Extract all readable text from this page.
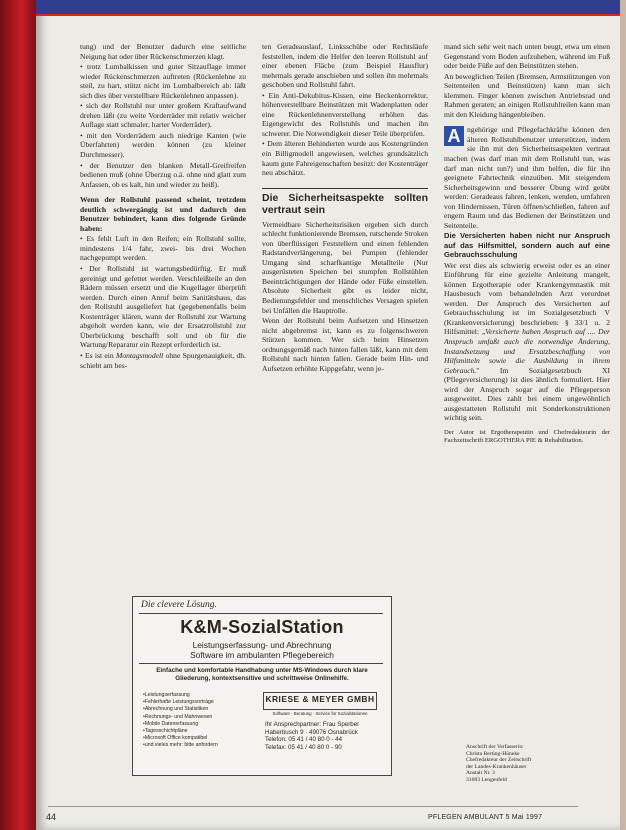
tung) und der Benutzer dadurch eine seitliche Neigung hat oder über Rückenschmerzen klagt.

• trotz Lumbalkissen und guter Sitzauflage immer wieder Rückenschmerzen auftreten (Rückenlehne zu steil, zu hart, stützt nicht im Lumbalbereich ab: läßt sich dies über verstellbare Rückenlehnen anpassen).

• sich der Rollstuhl nur unter großem Kraftaufwand drehen läßt (zu weite Vorderräder mit relativ weicher Auflage statt schmaler, harter Vorderräder).

• mit den Vorderrädern auch niedrige Kanten (wie Überfahrten) werden können (zu kleiner Durchmesser).

• der Benutzer den blanken Metall-Greifreifen bedienen muß (ohne Überzug o.ä. ohne und glatt zum Anfassen, ob es kalt, hin und wieder zu heiß).

Wenn der Rollstuhl passend scheint, trotzdem deutlich schwergängig ist und dadurch den Benutzer behindert, kann dies folgende Gründe haben:

• Es fehlt Luft in den Reifen; ein Rollstuhl sollte, mindestens 1/4 fahr, zwei- bis drei Wochen nachgepumpt werden.

• Der Rollstuhl ist wartungsbedürftig. Er muß gereinigt und gefettet werden. Verschleißteile an den Rädern müssen ersetzt und die Kugellager überprüft werden. Durch einen Anruf beim Sanitätshaus, das den Rollstuhl ausgeliefert hat (gegebenenfalls beim Kostenträger klären, wann der Rollstuhl zur Wartung abgeholt werden kann, wie der Ersatzrollstuhl zur Überbrückung beschafft soll und ob für die Wartung/Reparatur ein Rezept erforderlich ist.

• Es ist ein Montagsmodell ohne Spurgenauigkeit, dh. schiebt am bes-

ten Geradeauslauf, Linksschübe oder Rechtsläufe feststellen, indem die Helfer den leeren Rollstuhl auf einer ebenen Fläche (zum Beispiel Hausflur) mehrmals gerade anschieben und sollen ihn mehrmals geschoben und Rollstuhl fahrt.

• Ein Anti-Dekubitus-Kissen, eine Beckenkorrektur, höhenverstellbare Beinstützen mit Wadenplatten oder eine Rückenlehnenverstellung erhöhen das Eigengewicht des Rollstuhls und machen ihn schwerer. Die Notwendigkeit dieser Teile überprüfen.

• Dem älteren Behinderten wurde aus Kostengründen ein Billigmodell angewiesen, welches grundsätzlich kaum gute Fahreigenschaften besitzt: der Kostenträger neu abschätzt.

Die Sicherheitsaspekte sollten vertraut sein

Vermeidbare Sicherheitsrisiken ergeben sich durch schlecht funktionierende Bremsen, rutschende Stroken von überflüssigen Feststellern und einen fehlenden Radstandverlängerung, bei Pumpen (fehlender Umgang sind scharfkantige Metallteile (Nur ausgerüsteten Speichen bei stumpfen Rollstühlen Beeinträchtigungen der Hände oder Füße einstellen. Absolute Sicherheit gibt es leider nicht, Bedienungsfehler und menschliches Versagen spielen bei Unfällen die Hauptrolle.

Wenn der Rollstuhl beim Aufsetzen und Hinsetzen nicht abgebremst ist, kann es zu folgenschweren Stürzen kommen. Wer sich beim Hinsetzen ordnungsgemäß nach hinten fallen läßt, kann mit dem Rollstuhl nach hinten fallen. Gerade beim Hin- und Aufsetzen erhöhte Kippgefahr, wenn je-

mand sich sehr weit nach unten beugt, etwa um einen Gegenstand vom Boden aufzuheben, während im Fuß oder beide Füße auf den Beinstützen stehen.

An beweglichen Teilen (Bremsen, Armstützungen von Seitenteilen und Beinstützen) kann man sich klemmen. Finger können zwischen Antriebsrad und Rahmen geraten; an einigen Rollstuhlteilen kann man mit den Kleidung hängenbleiben.

A ngehörige und Pflegefachkräfte können den älteren Rollstuhlbenutzer unterstützen, indem sie ihn mit den Sicherheitsaspekten vertraut machen (was darf man mit dem Rollstuhl tun, was darf man nicht tun?) und ihm helfen, die für ihn geeignete Fahrtechnik einzuüben. Mit steigendem Sicherheitsgewinn und besserer Übung wird geübt werden: Geradeaus fahren, lenken, wenden, umfahren von Hindernissen, Türen öffnen/schließen, fahren auf engem Raum und das Bedienen der Beinstützen und Seitenteile.

Die Versicherten haben nicht nur Anspruch auf das Hilfsmittel, sondern auch auf eine Gebrauchsschulung

Wer erst dies als schwierig erweist oder es an einer Einführung für eine gezielte Anleitung mangelt, können Ergotherapie oder Krankengymnastik mit Hausbesuch vom behandelnden Arzt verordnet werden. Der Anspruch des Versicherten auf Gebrauchsschulung ist im Sozialgesetzbuch V (Krankenversicherung) beschrieben: § 33/1 u. 2 Hilfsmittel: „Versicherte haben Anspruch auf .... Der Anspruch umfaßt auch die notwendige Änderung, Instandsetzung und Ersatzbeschaffung von Hilfsmitteln sowie die Ausbildung in ihrem Gebrauch." Im Sozialgesetzbuch XI (Pflegeversicherung) ist dies ähnlich formuliert. Hier wird der Anspruch sogar auf die Pflegeperson ausgeweitet. Dies zahlt bei einem ungewöhnlich ausgestatteten Rollstuhl mit Sonderkonstruktionen wichtig sein.

Der Autor ist Ergotherapeutin und Chefredakteurin der Fachzeitschrift ERGOTHERA PIE & Rehabilitation.

Die clevere Lösung.
K&M-SozialStation
Leistungserfassung- und Abrechnung
Software im ambulanten Pflegebereich
Einfache und komfortable Handhabung unter MS-Windows durch klare Gliederung, kontextsensitive und schrittweise Onlinehilfe.
• Leistungserfassung
• Fehlerhafte Leistungsvorträge
• Abrechnung und Statistiken
• Rechnungs- und Mahnwesen
• Mobile Datenerfassung
• Tagesschichtpläne
• Microsoft Office kompatibel
• und vieles mehr: bitte anfordern
KRIESE & MEYER GMBH
Software · Beratung · Service für Sozialstationen
Ihr Ansprechpartner: Frau Sperber
Haberbusch 9 · 49076 Osnabrück
Telefon: 05 41 / 40 80 0 - 44
Telefax: 05 41 / 40 80 0 - 90	Anschrift der Verfasserin:
Christa Berting-Hüneke
Chefredakteur der Zeitschrift
der Landes-Krankenhäuser
Anstalt Nr. 3
31683 Lengenfeld
44	PFLEGEN AMBULANT 5 Mai 1997
